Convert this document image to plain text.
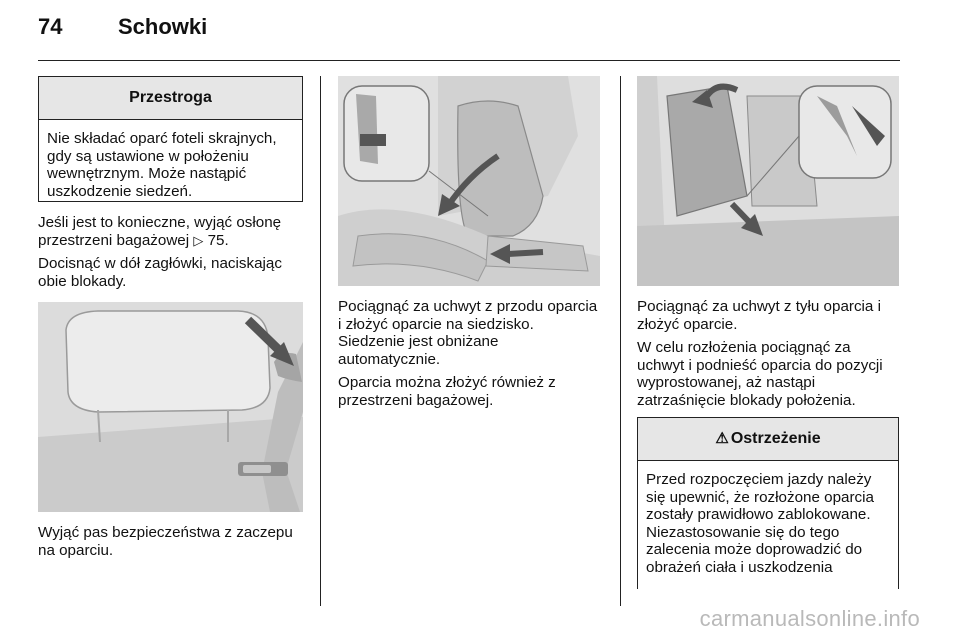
74	Schowki
Przestroga
Nie składać oparć foteli skrajnych, gdy są ustawione w położeniu wewnętrznym. Może nastąpić uszkodzenie siedzeń.

Jeśli jest to konieczne, wyjąć osłonę przestrzeni bagażowej ▷ 75.

Docisnąć w dół zagłówki, naciskając obie blokady.

Wyjąć pas bezpieczeństwa z zaczepu na oparciu.

Pociągnąć za uchwyt z przodu oparcia i złożyć oparcie na siedzisko. Siedzenie jest obniżane automatycznie.

Oparcia można złożyć również z przestrzeni bagażowej.

Pociągnąć za uchwyt z tyłu oparcia i złożyć oparcie.

W celu rozłożenia pociągnąć za uchwyt i podnieść oparcia do pozycji wyprostowanej, aż nastąpi zatrzaśnięcie blokady położenia.

⚠ Ostrzeżenie
Przed rozpoczęciem jazdy należy się upewnić, że rozłożone oparcia zostały prawidłowo zablokowane. Niezastosowanie się do tego zalecenia może doprowadzić do obrażeń ciała i uszkodzenia
carmanualsonline.info
